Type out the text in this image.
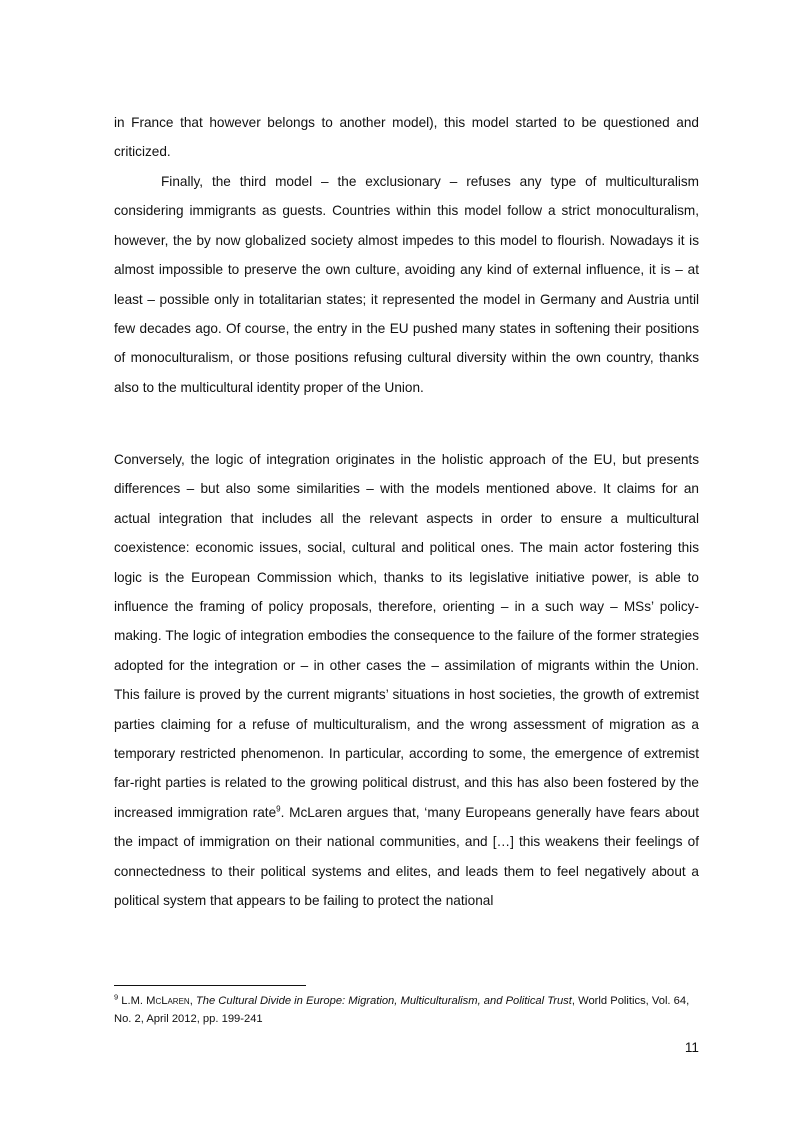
in France that however belongs to another model), this model started to be questioned and criticized.

Finally, the third model – the exclusionary – refuses any type of multiculturalism considering immigrants as guests. Countries within this model follow a strict monoculturalism, however, the by now globalized society almost impedes to this model to flourish. Nowadays it is almost impossible to preserve the own culture, avoiding any kind of external influence, it is – at least – possible only in totalitarian states; it represented the model in Germany and Austria until few decades ago. Of course, the entry in the EU pushed many states in softening their positions of monoculturalism, or those positions refusing cultural diversity within the own country, thanks also to the multicultural identity proper of the Union.

Conversely, the logic of integration originates in the holistic approach of the EU, but presents differences – but also some similarities – with the models mentioned above. It claims for an actual integration that includes all the relevant aspects in order to ensure a multicultural coexistence: economic issues, social, cultural and political ones. The main actor fostering this logic is the European Commission which, thanks to its legislative initiative power, is able to influence the framing of policy proposals, therefore, orienting – in a such way – MSs’ policy-making. The logic of integration embodies the consequence to the failure of the former strategies adopted for the integration or – in other cases the – assimilation of migrants within the Union. This failure is proved by the current migrants’ situations in host societies, the growth of extremist parties claiming for a refuse of multiculturalism, and the wrong assessment of migration as a temporary restricted phenomenon. In particular, according to some, the emergence of extremist far-right parties is related to the growing political distrust, and this has also been fostered by the increased immigration rate$^9$. McLaren argues that, ‘many Europeans generally have fears about the impact of immigration on their national communities, and […] this weakens their feelings of connectedness to their political systems and elites, and leads them to feel negatively about a political system that appears to be failing to protect the national

$^9$ L.M. McLaren, The Cultural Divide in Europe: Migration, Multiculturalism, and Political Trust, World Politics, Vol. 64, No. 2, April 2012, pp. 199-241

11
